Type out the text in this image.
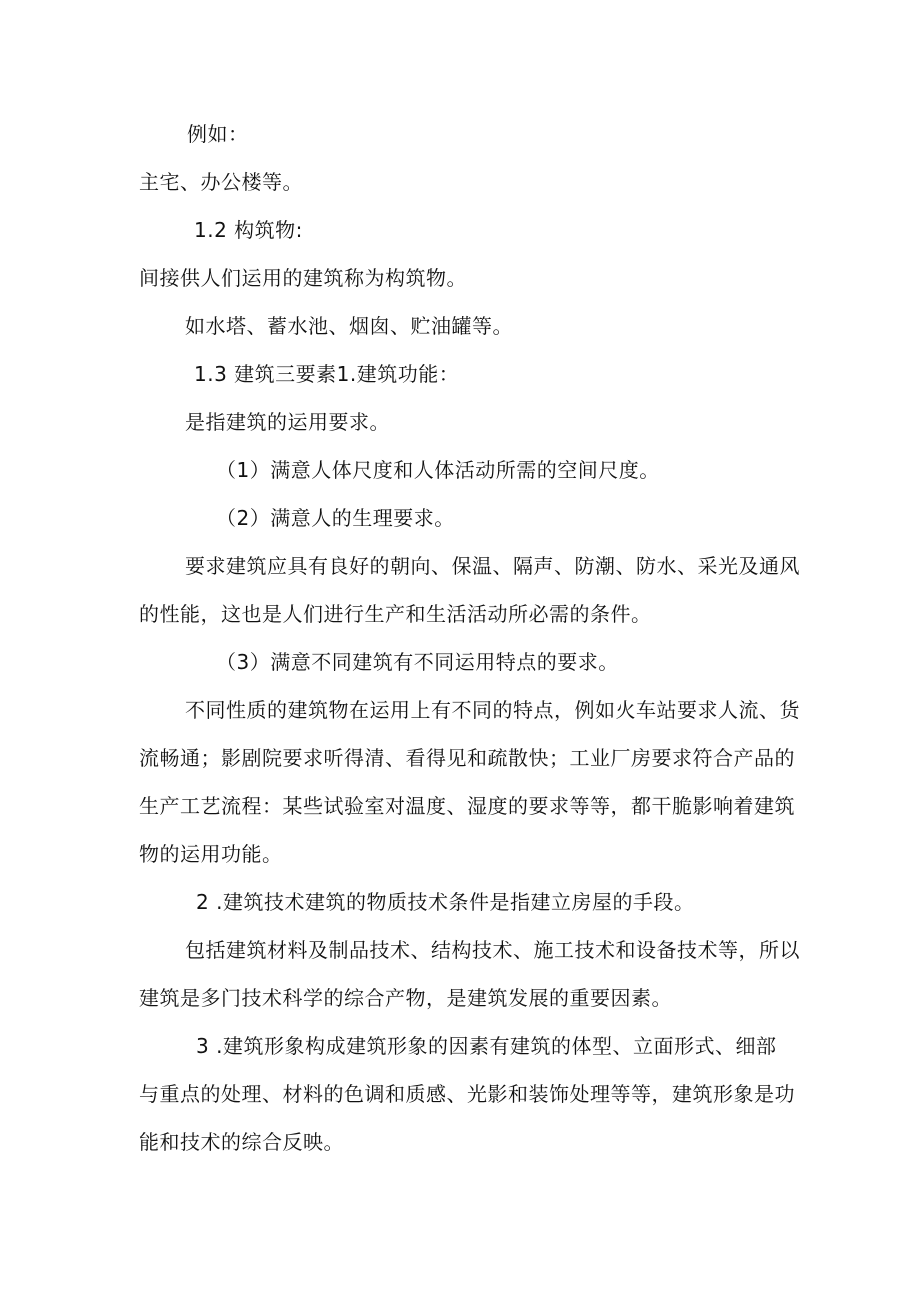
例如：
主宅、办公楼等。
1.2 构筑物:
间接供人们运用的建筑称为构筑物。
如水塔、蓄水池、烟囱、贮油罐等。
1.3 建筑三要素1.建筑功能：
是指建筑的运用要求。
（1）满意人体尺度和人体活动所需的空间尺度。
（2）满意人的生理要求。
要求建筑应具有良好的朝向、保温、隔声、防潮、防水、采光及通风
的性能，这也是人们进行生产和生活活动所必需的条件。
（3）满意不同建筑有不同运用特点的要求。
不同性质的建筑物在运用上有不同的特点，例如火车站要求人流、货
流畅通；影剧院要求听得清、看得见和疏散快；工业厂房要求符合产品的
生产工艺流程：某些试验室对温度、湿度的要求等等，都干脆影响着建筑
物的运用功能。
2 .建筑技术建筑的物质技术条件是指建立房屋的手段。
包括建筑材料及制品技术、结构技术、施工技术和设备技术等，所以
建筑是多门技术科学的综合产物，是建筑发展的重要因素。
3 .建筑形象构成建筑形象的因素有建筑的体型、立面形式、细部
与重点的处理、材料的色调和质感、光影和装饰处理等等，建筑形象是功
能和技术的综合反映。
